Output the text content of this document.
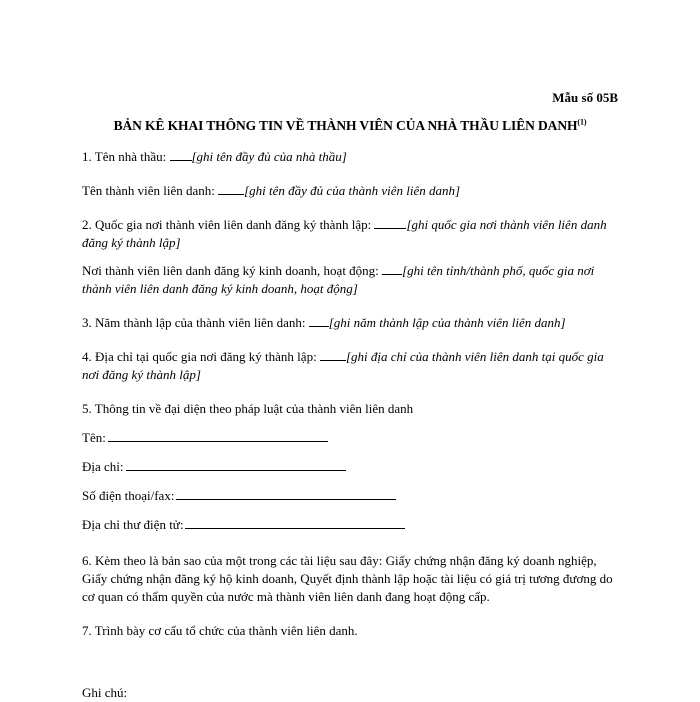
Mẫu số 05B
BẢN KÊ KHAI THÔNG TIN VỀ THÀNH VIÊN CỦA NHÀ THẦU LIÊN DANH$^{(1)}$

1. Tên nhà thầu: [ghi tên đầy đủ của nhà thầu]

Tên thành viên liên danh: [ghi tên đầy đủ của thành viên liên danh]

2. Quốc gia nơi thành viên liên danh đăng ký thành lập: [ghi quốc gia nơi thành viên liên danh đăng ký thành lập]

Nơi thành viên liên danh đăng ký kinh doanh, hoạt động: [ghi tên tỉnh/thành phố, quốc gia nơi thành viên liên danh đăng ký kinh doanh, hoạt động]

3. Năm thành lập của thành viên liên danh: [ghi năm thành lập của thành viên liên danh]

4. Địa chỉ tại quốc gia nơi đăng ký thành lập: [ghi địa chỉ của thành viên liên danh tại quốc gia nơi đăng ký thành lập]

5. Thông tin về đại diện theo pháp luật của thành viên liên danh

Tên:
Địa chỉ:
Số điện thoại/fax:
Địa chỉ thư điện tử:

6. Kèm theo là bản sao của một trong các tài liệu sau đây: Giấy chứng nhận đăng ký doanh nghiệp, Giấy chứng nhận đăng ký hộ kinh doanh, Quyết định thành lập hoặc tài liệu có giá trị tương đương do cơ quan có thẩm quyền của nước mà thành viên liên danh đang hoạt động cấp.

7. Trình bày cơ cấu tổ chức của thành viên liên danh.

Ghi chú:
